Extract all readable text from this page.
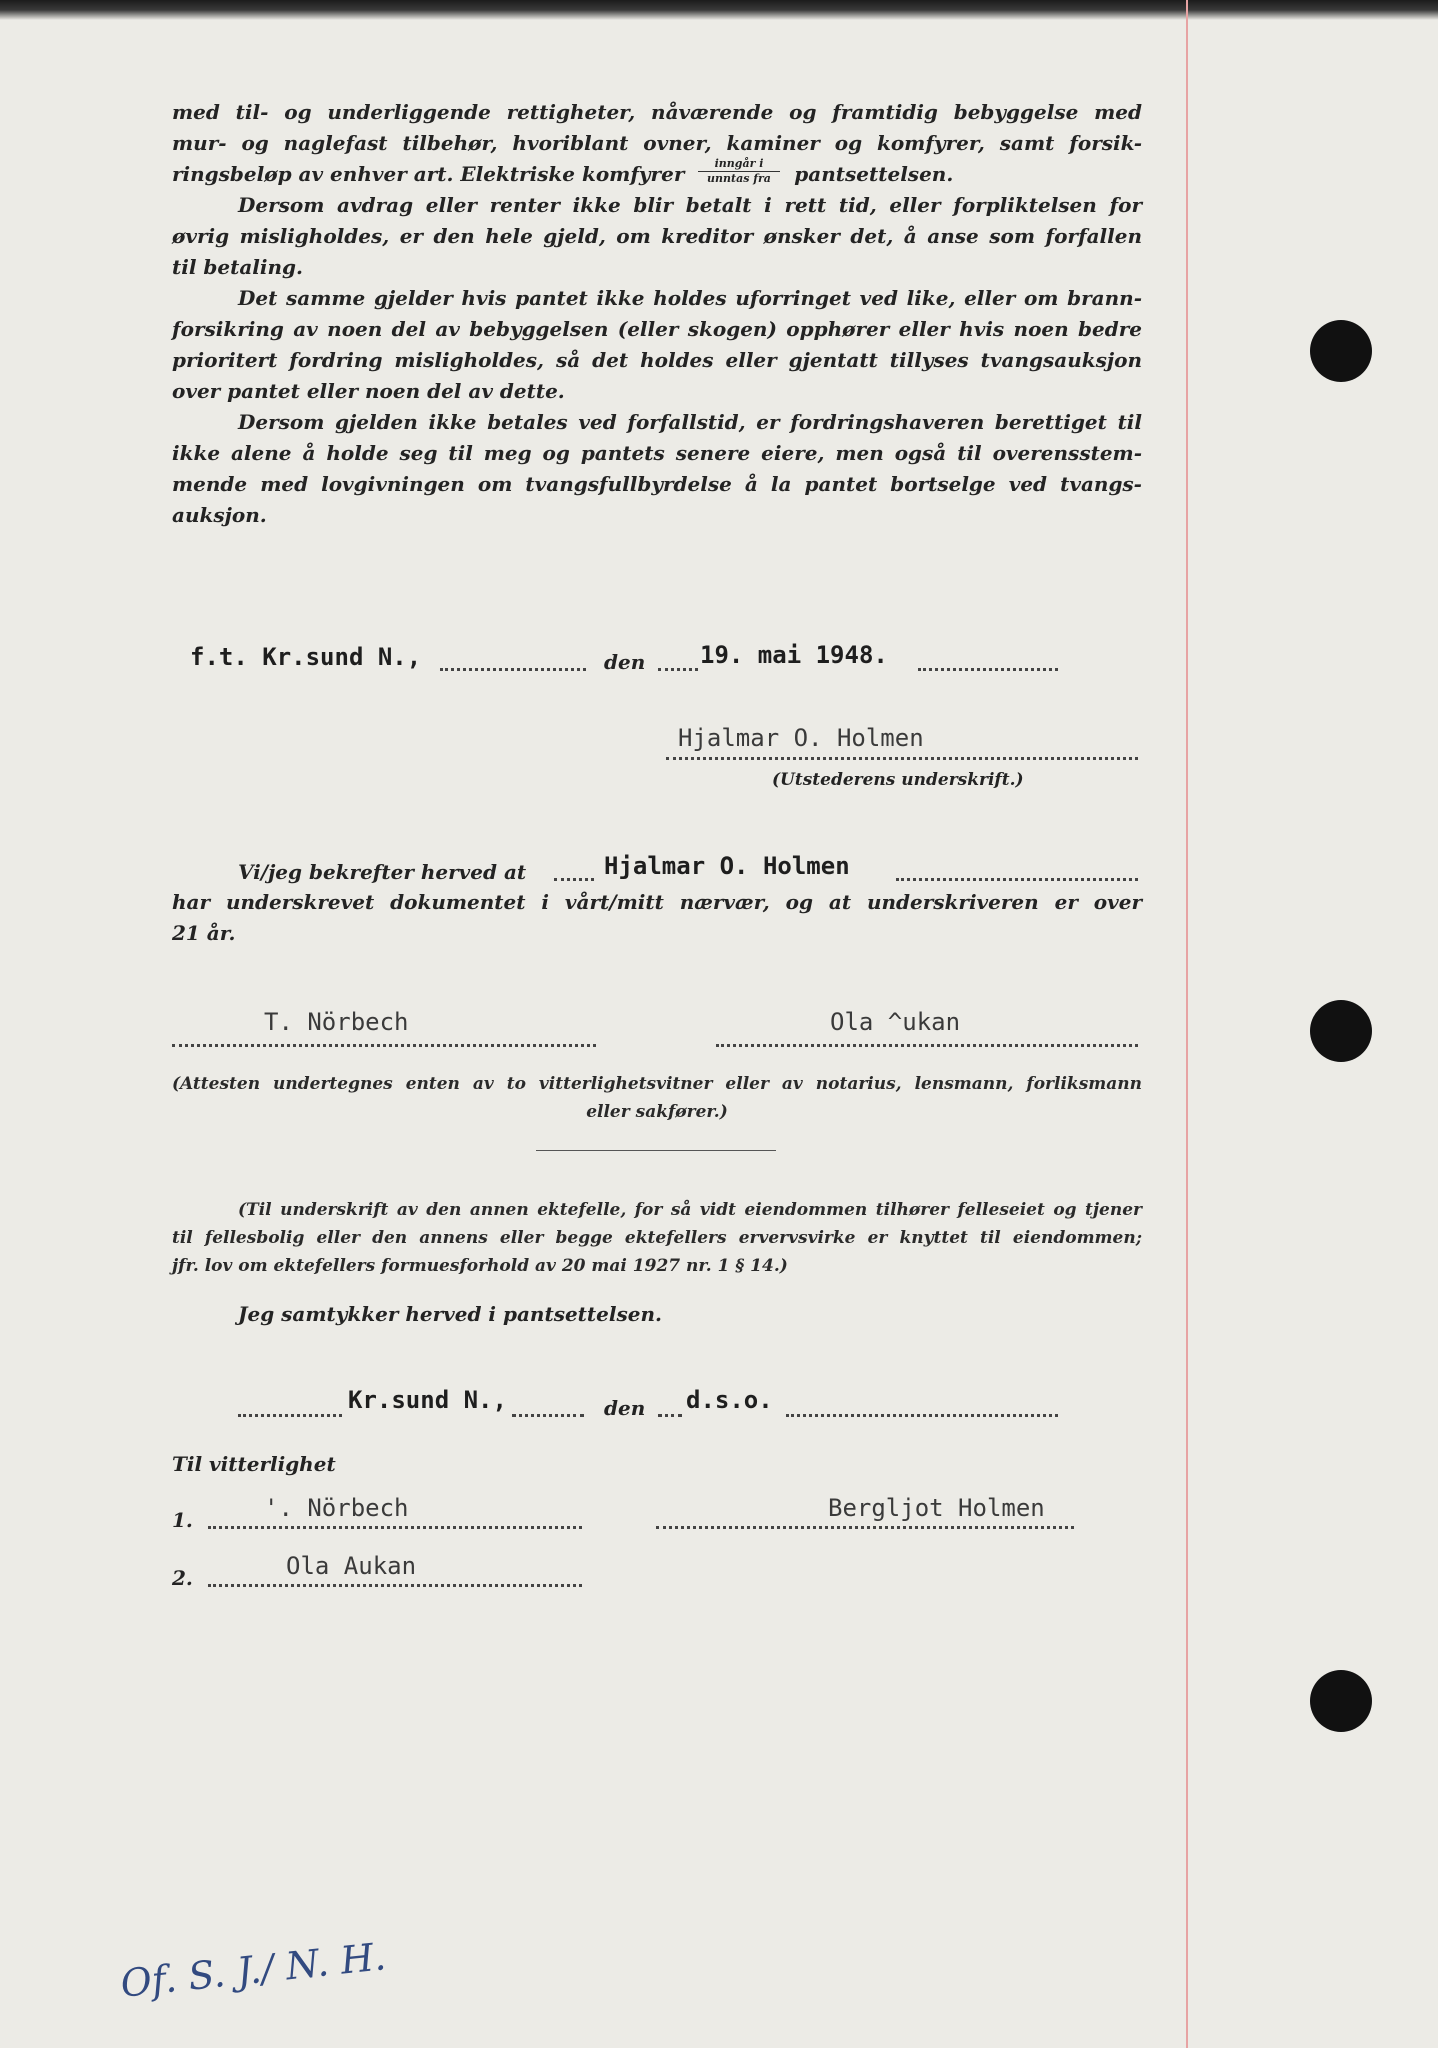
med til- og underliggende rettigheter, nåværende og framtidig bebyggelse med
mur- og naglefast tilbehør, hvoriblant ovner, kaminer og komfyrer, samt forsik-
ringsbeløp av enhver art. Elektriske komfyrer	pantsettelsen.
Dersom avdrag eller renter ikke blir betalt i rett tid, eller forpliktelsen for
øvrig misligholdes, er den hele gjeld, om kreditor ønsker det, å anse som forfallen
til betaling.
Det samme gjelder hvis pantet ikke holdes uforringet ved like, eller om brann-
forsikring av noen del av bebyggelsen (eller skogen) opphører eller hvis noen bedre
prioritert fordring misligholdes, så det holdes eller gjentatt tillyses tvangsauksjon
over pantet eller noen del av dette.
Dersom gjelden ikke betales ved forfallstid, er fordringshaveren berettiget til
ikke alene å holde seg til meg og pantets senere eiere, men også til overensstem-
mende med lovgivningen om tvangsfullbyrdelse å la pantet bortselge ved tvangs-
auksjon.
inngår i
unntas fra
f.t. Kr.sund N.,	den 19. mai 1948.
Hjalmar O. Holmen
(Utstederens underskrift.)
Vi/jeg bekrefter herved at	Hjalmar O. Holmen
har underskrevet dokumentet i vårt/mitt nærvær, og at underskriveren er over
21 år.
T. Nörbech	Ola ^ukan
(Attesten undertegnes enten av to vitterlighetsvitner eller av notarius, lensmann, forliksmann
eller sakfører.)
(Til underskrift av den annen ektefelle, for så vidt eiendommen tilhører felleseiet og tjener
til fellesbolig eller den annens eller begge ektefellers ervervsvirke er knyttet til eiendommen;
jfr. lov om ektefellers formuesforhold av 20 mai 1927 nr. 1 § 14.)
Jeg samtykker herved i pantsettelsen.
Kr.sund N.,	den d.s.o.
Til vitterlighet
1.	'. Nörbech	Bergljot Holmen
2.	Ola Aukan
Of. S. J./ N. H.
